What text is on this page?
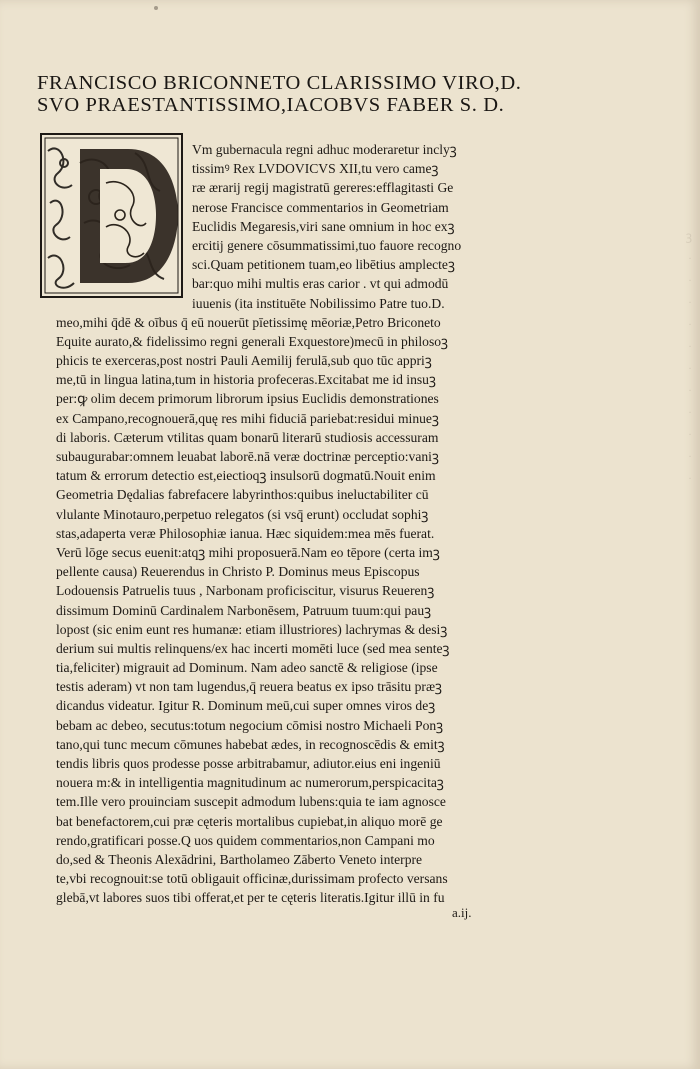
ꝫ
·
·
·
·
·
·
·
·
·
·
·
FRANCISCO BRICONNETO CLARISSIMO VIRO,D.
SVO PRAESTANTISSIMO,IACOBVS FABER S. D.
Vm gubernacula regni adhuc moderaretur inclyꝫ
tissimꝰ Rex LVDOVICVS XII,tu vero cameꝫ
ræ ærarij regij magistratū gereres:efflagitasti Ge
nerose Francisce commentarios in Geometriam
Euclidis Megaresis,viri sane omnium in hoc exꝫ
ercitij genere cōsummatissimi,tuo fauore recogno
sci.Quam petitionem tuam,eo libētius amplecteꝫ
bar:quo mihi multis eras carior . vt qui admodū
iuuenis (ita instituēte Nobilissimo Patre tuo.D.
meo,mihi q̄dē & oībus q̄ eū nouerūt pīetissimę mēoriæ,Petro Briconeto
Equite aurato,& fidelissimo regni generali Exquestore)mecū in philosoꝫ
phicis te exerceras,post nostri Pauli Aemilij ferulā,sub quo tūc appriꝫ
me,tū in lingua latina,tum in historia profeceras.Excitabat me id insuꝫ
per:ꝙ olim decem primorum librorum ipsius Euclidis demonstrationes
ex Campano,recognouerā,quę res mihi fiduciā pariebat:residui minueꝫ
di laboris. Cæterum vtilitas quam bonarū literarū studiosis accessuram
subaugurabar:omnem leuabat laborē.nā veræ doctrinæ perceptio:vaniꝫ
tatum & errorum detectio est,eiectioqꝫ insulsorū dogmatū.Nouit enim
Geometria Dędalias fabrefacere labyrinthos:quibus ineluctabiliter cū
vlulante Minotauro,perpetuo relegatos (si vsq̄ erunt) occludat sophiꝫ
stas,adaperta veræ Philosophiæ ianua. Hæc siquidem:mea mēs fuerat.
Verū lōge secus euenit:atqꝫ mihi proposuerā.Nam eo tēpore (certa imꝫ
pellente causa) Reuerendus in Christo P. Dominus meus Episcopus
Lodouensis Patruelis tuus , Narbonam proficiscitur, visurus Reuerenꝫ
dissimum Dominū Cardinalem Narbonēsem, Patruum tuum:qui pauꝫ
lopost (sic enim eunt res humanæ: etiam illustriores) lachrymas & desiꝫ
derium sui multis relinquens/ex hac incerti momēti luce (sed mea senteꝫ
tia,feliciter) migrauit ad Dominum. Nam adeo sanctē & religiose (ipse
testis aderam) vt non tam lugendus,q̄ reuera beatus ex ipso trāsitu præꝫ
dicandus videatur. Igitur R. Dominum meū,cui super omnes viros deꝫ
bebam ac debeo, secutus:totum negocium cōmisi nostro Michaeli Ponꝫ
tano,qui tunc mecum cōmunes habebat ædes, in recognoscēdis & emitꝫ
tendis libris quos prodesse posse arbitrabamur, adiutor.eius eni ingeniū
nouera m:& in intelligentia magnitudinum ac numerorum,perspicacitaꝫ
tem.Ille vero prouinciam suscepit admodum lubens:quia te iam agnosce
bat benefactorem,cui præ cęteris mortalibus cupiebat,in aliquo morē ge
rendo,gratificari posse.Q uos quidem commentarios,non Campani mo
do,sed & Theonis Alexādrini, Bartholameo Zāberto Veneto interpre
te,vbi recognouit:se totū obligauit officinæ,durissimam profecto versans
glebā,vt labores suos tibi offerat,et per te cęteris literatis.Igitur illū in fu
a.ij.
